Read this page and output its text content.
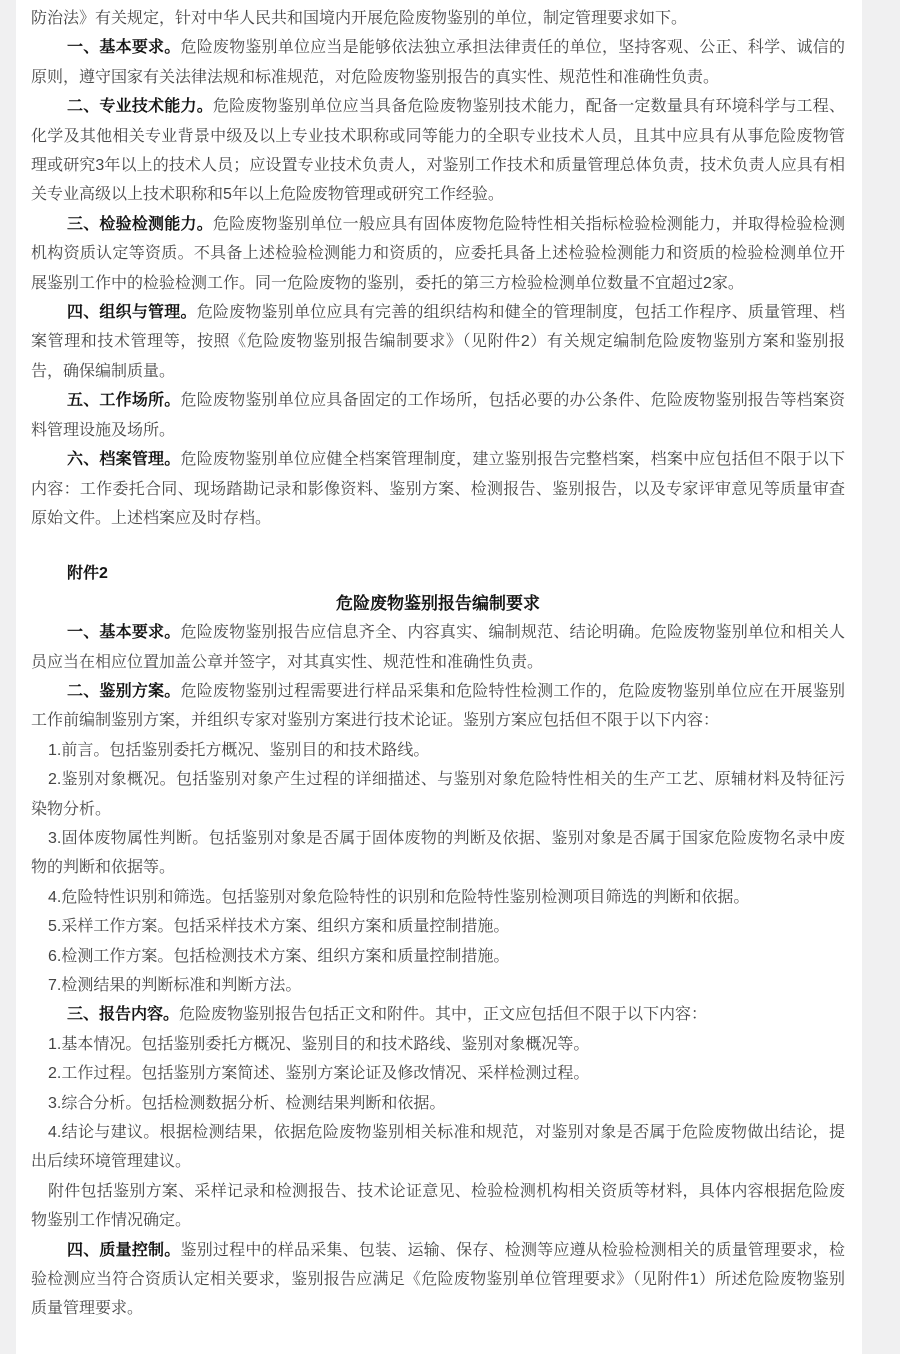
防治法》有关规定，针对中华人民共和国境内开展危险废物鉴别的单位，制定管理要求如下。

一、基本要求。危险废物鉴别单位应当是能够依法独立承担法律责任的单位，坚持客观、公正、科学、诚信的原则，遵守国家有关法律法规和标准规范，对危险废物鉴别报告的真实性、规范性和准确性负责。

二、专业技术能力。危险废物鉴别单位应当具备危险废物鉴别技术能力，配备一定数量具有环境科学与工程、化学及其他相关专业背景中级及以上专业技术职称或同等能力的全职专业技术人员，且其中应具有从事危险废物管理或研究3年以上的技术人员；应设置专业技术负责人，对鉴别工作技术和质量管理总体负责，技术负责人应具有相关专业高级以上技术职称和5年以上危险废物管理或研究工作经验。

三、检验检测能力。危险废物鉴别单位一般应具有固体废物危险特性相关指标检验检测能力，并取得检验检测机构资质认定等资质。不具备上述检验检测能力和资质的，应委托具备上述检验检测能力和资质的检验检测单位开展鉴别工作中的检验检测工作。同一危险废物的鉴别，委托的第三方检验检测单位数量不宜超过2家。

四、组织与管理。危险废物鉴别单位应具有完善的组织结构和健全的管理制度，包括工作程序、质量管理、档案管理和技术管理等，按照《危险废物鉴别报告编制要求》（见附件2）有关规定编制危险废物鉴别方案和鉴别报告，确保编制质量。

五、工作场所。危险废物鉴别单位应具备固定的工作场所，包括必要的办公条件、危险废物鉴别报告等档案资料管理设施及场所。

六、档案管理。危险废物鉴别单位应健全档案管理制度，建立鉴别报告完整档案，档案中应包括但不限于以下内容：工作委托合同、现场踏勘记录和影像资料、鉴别方案、检测报告、鉴别报告，以及专家评审意见等质量审查原始文件。上述档案应及时存档。

附件2

危险废物鉴别报告编制要求

一、基本要求。危险废物鉴别报告应信息齐全、内容真实、编制规范、结论明确。危险废物鉴别单位和相关人员应当在相应位置加盖公章并签字，对其真实性、规范性和准确性负责。

二、鉴别方案。危险废物鉴别过程需要进行样品采集和危险特性检测工作的，危险废物鉴别单位应在开展鉴别工作前编制鉴别方案，并组织专家对鉴别方案进行技术论证。鉴别方案应包括但不限于以下内容：

1.前言。包括鉴别委托方概况、鉴别目的和技术路线。

2.鉴别对象概况。包括鉴别对象产生过程的详细描述、与鉴别对象危险特性相关的生产工艺、原辅材料及特征污染物分析。

3.固体废物属性判断。包括鉴别对象是否属于固体废物的判断及依据、鉴别对象是否属于国家危险废物名录中废物的判断和依据等。

4.危险特性识别和筛选。包括鉴别对象危险特性的识别和危险特性鉴别检测项目筛选的判断和依据。

5.采样工作方案。包括采样技术方案、组织方案和质量控制措施。

6.检测工作方案。包括检测技术方案、组织方案和质量控制措施。

7.检测结果的判断标准和判断方法。

三、报告内容。危险废物鉴别报告包括正文和附件。其中，正文应包括但不限于以下内容：

1.基本情况。包括鉴别委托方概况、鉴别目的和技术路线、鉴别对象概况等。

2.工作过程。包括鉴别方案简述、鉴别方案论证及修改情况、采样检测过程。

3.综合分析。包括检测数据分析、检测结果判断和依据。

4.结论与建议。根据检测结果，依据危险废物鉴别相关标准和规范，对鉴别对象是否属于危险废物做出结论，提出后续环境管理建议。

附件包括鉴别方案、采样记录和检测报告、技术论证意见、检验检测机构相关资质等材料，具体内容根据危险废物鉴别工作情况确定。

四、质量控制。鉴别过程中的样品采集、包装、运输、保存、检测等应遵从检验检测相关的质量管理要求，检验检测应当符合资质认定相关要求，鉴别报告应满足《危险废物鉴别单位管理要求》（见附件1）所述危险废物鉴别质量管理要求。
